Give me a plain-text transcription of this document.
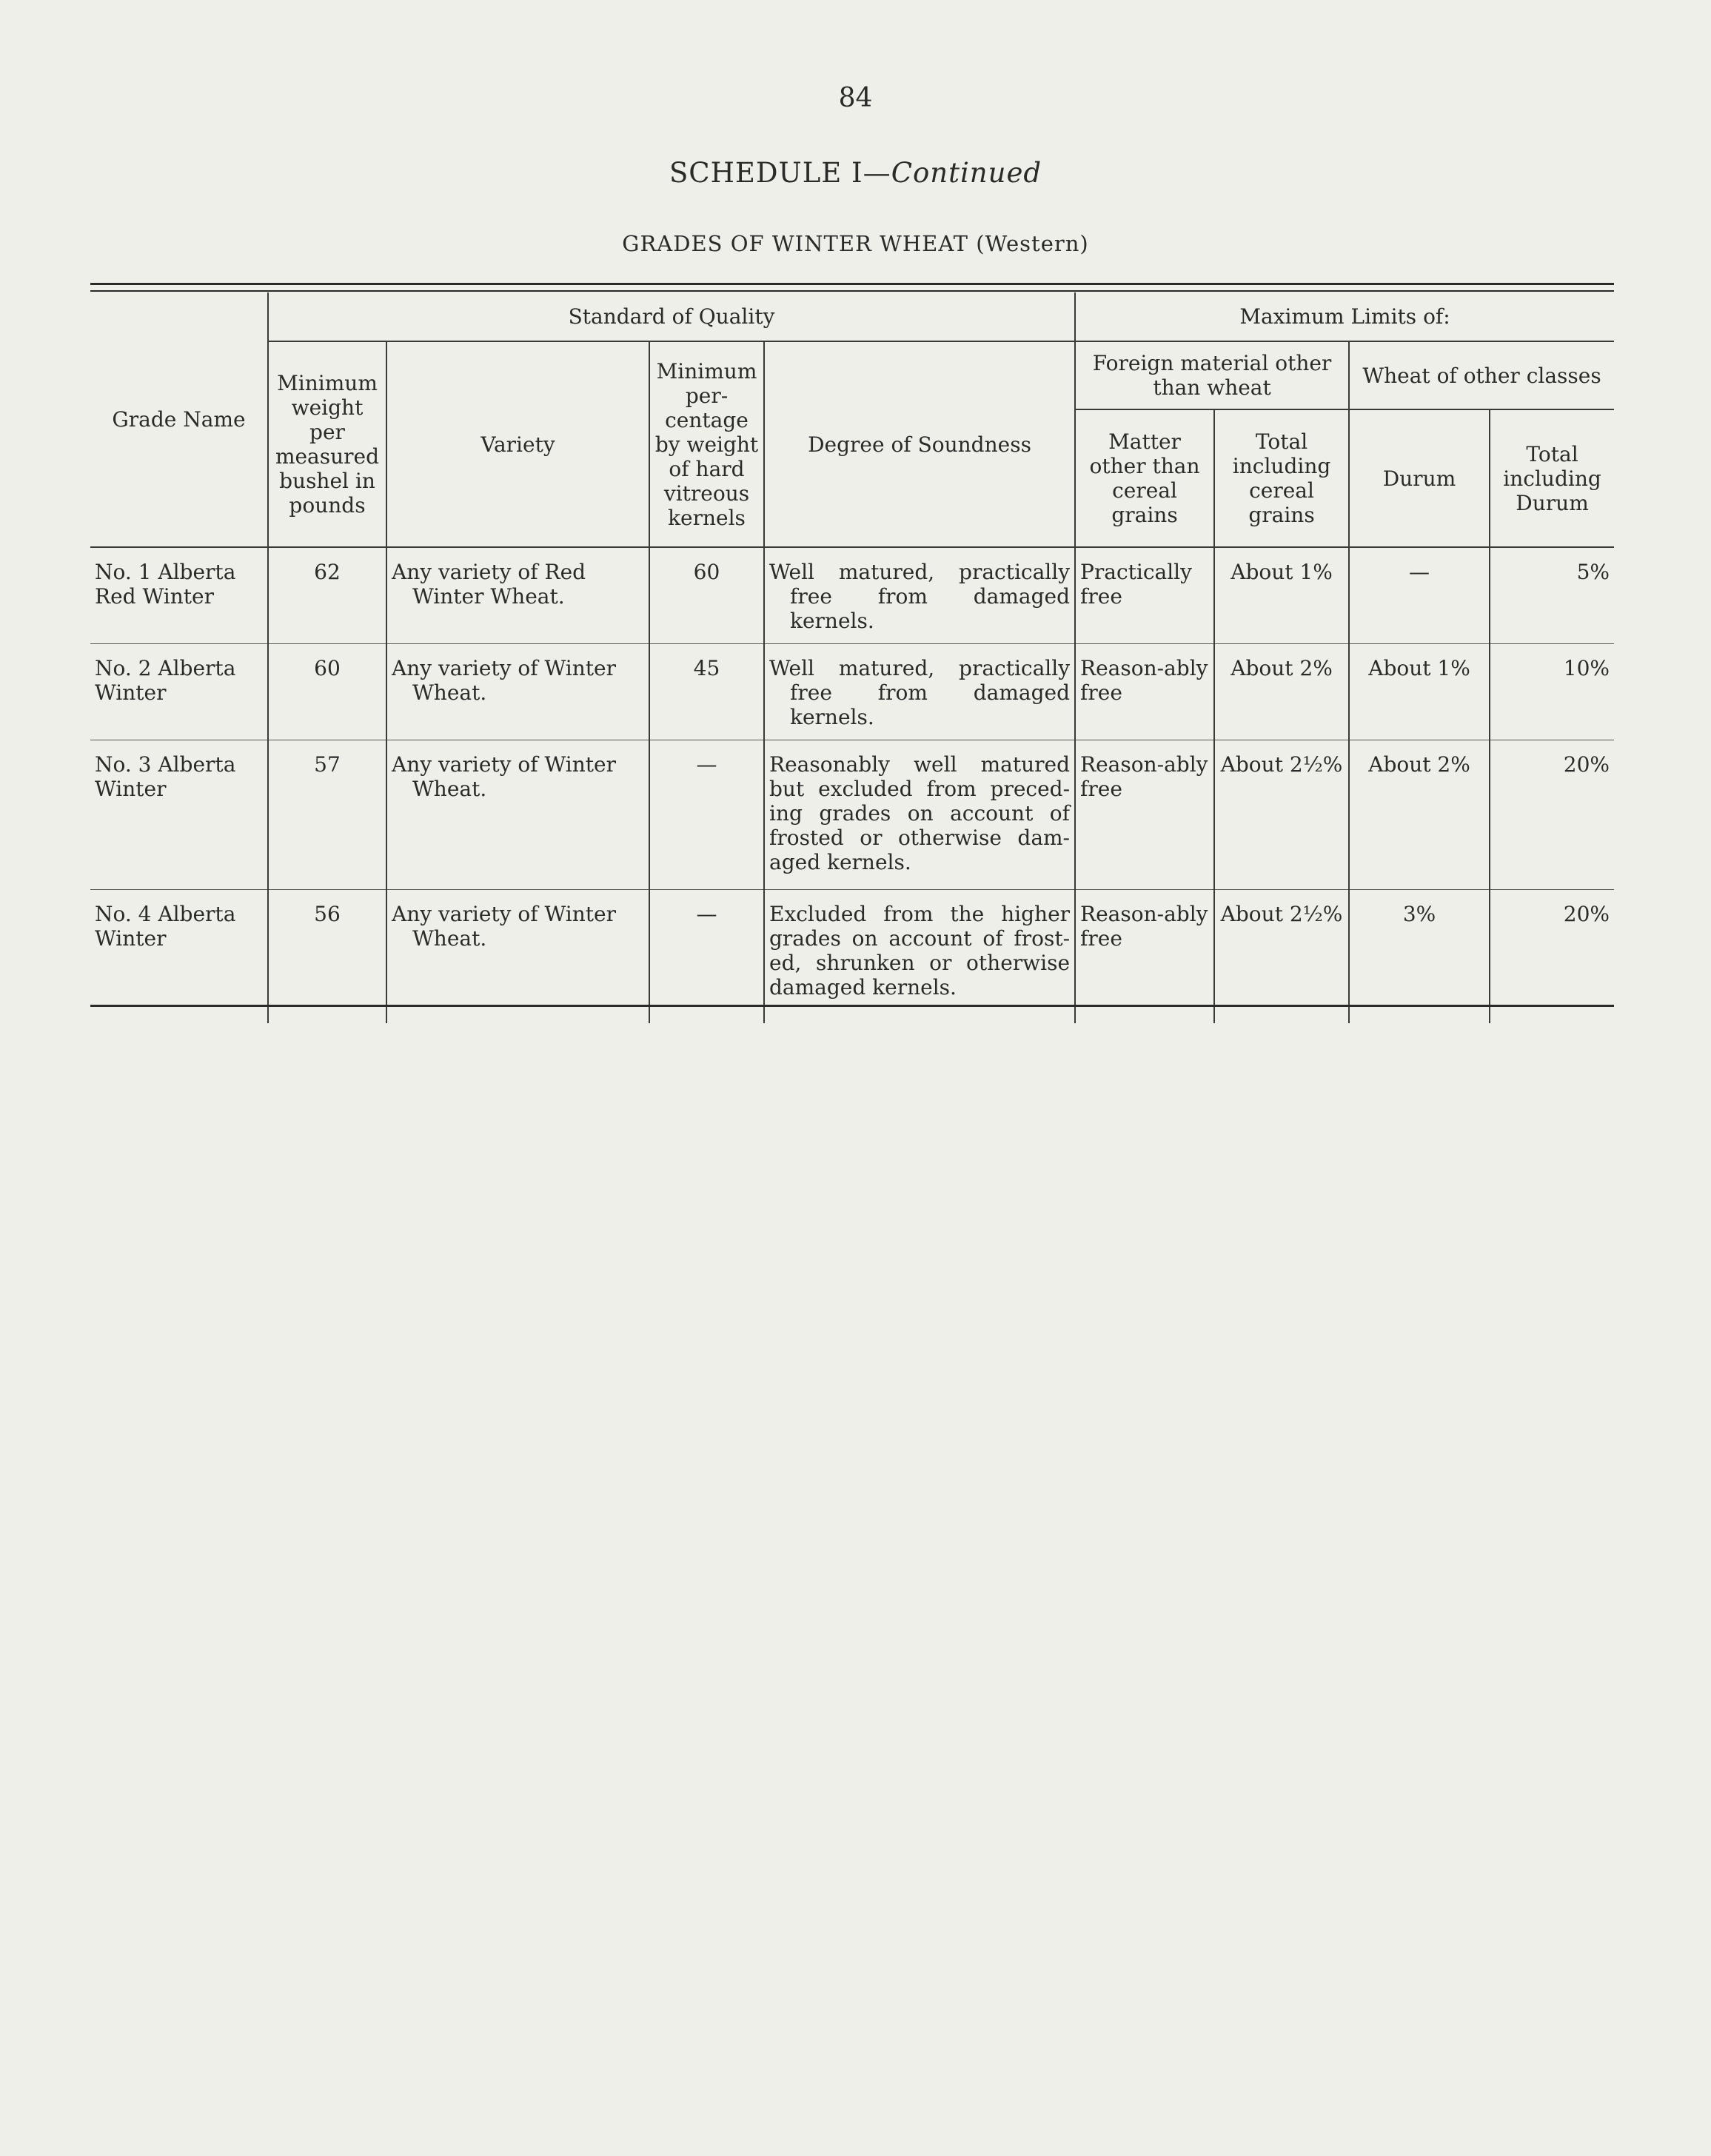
84
SCHEDULE I—Continued
GRADES OF WINTER WHEAT (Western)
Grade Name	Standard of Quality				Maximum Limits of:			
	Minimum weight per measured bushel in pounds	Variety	Minimum per-centage by weight of hard vitreous kernels	Degree of Soundness	Foreign material other than wheat		Wheat of other classes	
					Matter other than cereal grains	Total including cereal grains	Durum	Total including Durum
No. 1 Alberta Red Winter	62	Any variety of Red Winter Wheat.	60	Well matured, practically free from damaged kernels.	Practically free	About 1%	—	5%
No. 2 Alberta Winter	60	Any variety of Winter Wheat.	45	Well matured, practically free from damaged kernels.	Reason-ably free	About 2%	About 1%	10%
No. 3 Alberta Winter	57	Any variety of Winter Wheat.	—	Reasonably well matured but excluded from preced-ing grades on account of frosted or otherwise dam-aged kernels.	Reason-ably free	About 2½%	About 2%	20%
No. 4 Alberta Winter	56	Any variety of Winter Wheat.	—	Excluded from the higher grades on account of frost-ed, shrunken or otherwise damaged kernels.	Reason-ably free	About 2½%	3%	20%
